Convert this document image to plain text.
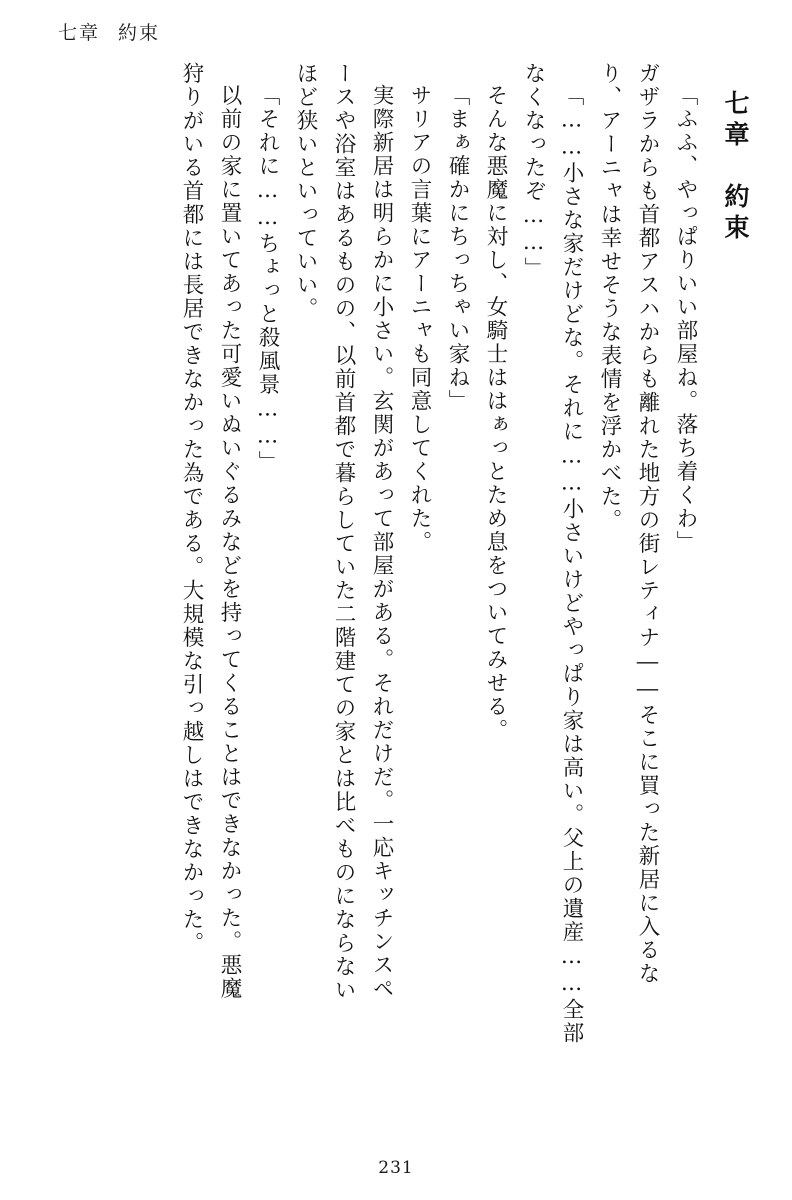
七章 約束
七章　約束
「ふふ、やっぱりいい部屋ね。落ち着くわ」
ガザラからも首都アスハからも離れた地方の街レティナ――そこに買った新居に入るな
り、アーニャは幸せそうな表情を浮かべた。
「……小さな家だけどな。それに……小さいけどやっぱり家は高い。父上の遺産……全部
なくなったぞ……」
そんな悪魔に対し、女騎士ははぁっとため息をついてみせる。
「まぁ確かにちっちゃい家ね」
サリアの言葉にアーニャも同意してくれた。
実際新居は明らかに小さい。玄関があって部屋がある。それだけだ。一応キッチンスペ
ースや浴室はあるものの、以前首都で暮らしていた二階建ての家とは比べものにならない
ほど狭いといっていい。
「それに……ちょっと殺風景……」
以前の家に置いてあった可愛いぬいぐるみなどを持ってくることはできなかった。悪魔
狩りがいる首都には長居できなかった為である。大規模な引っ越しはできなかった。
231
